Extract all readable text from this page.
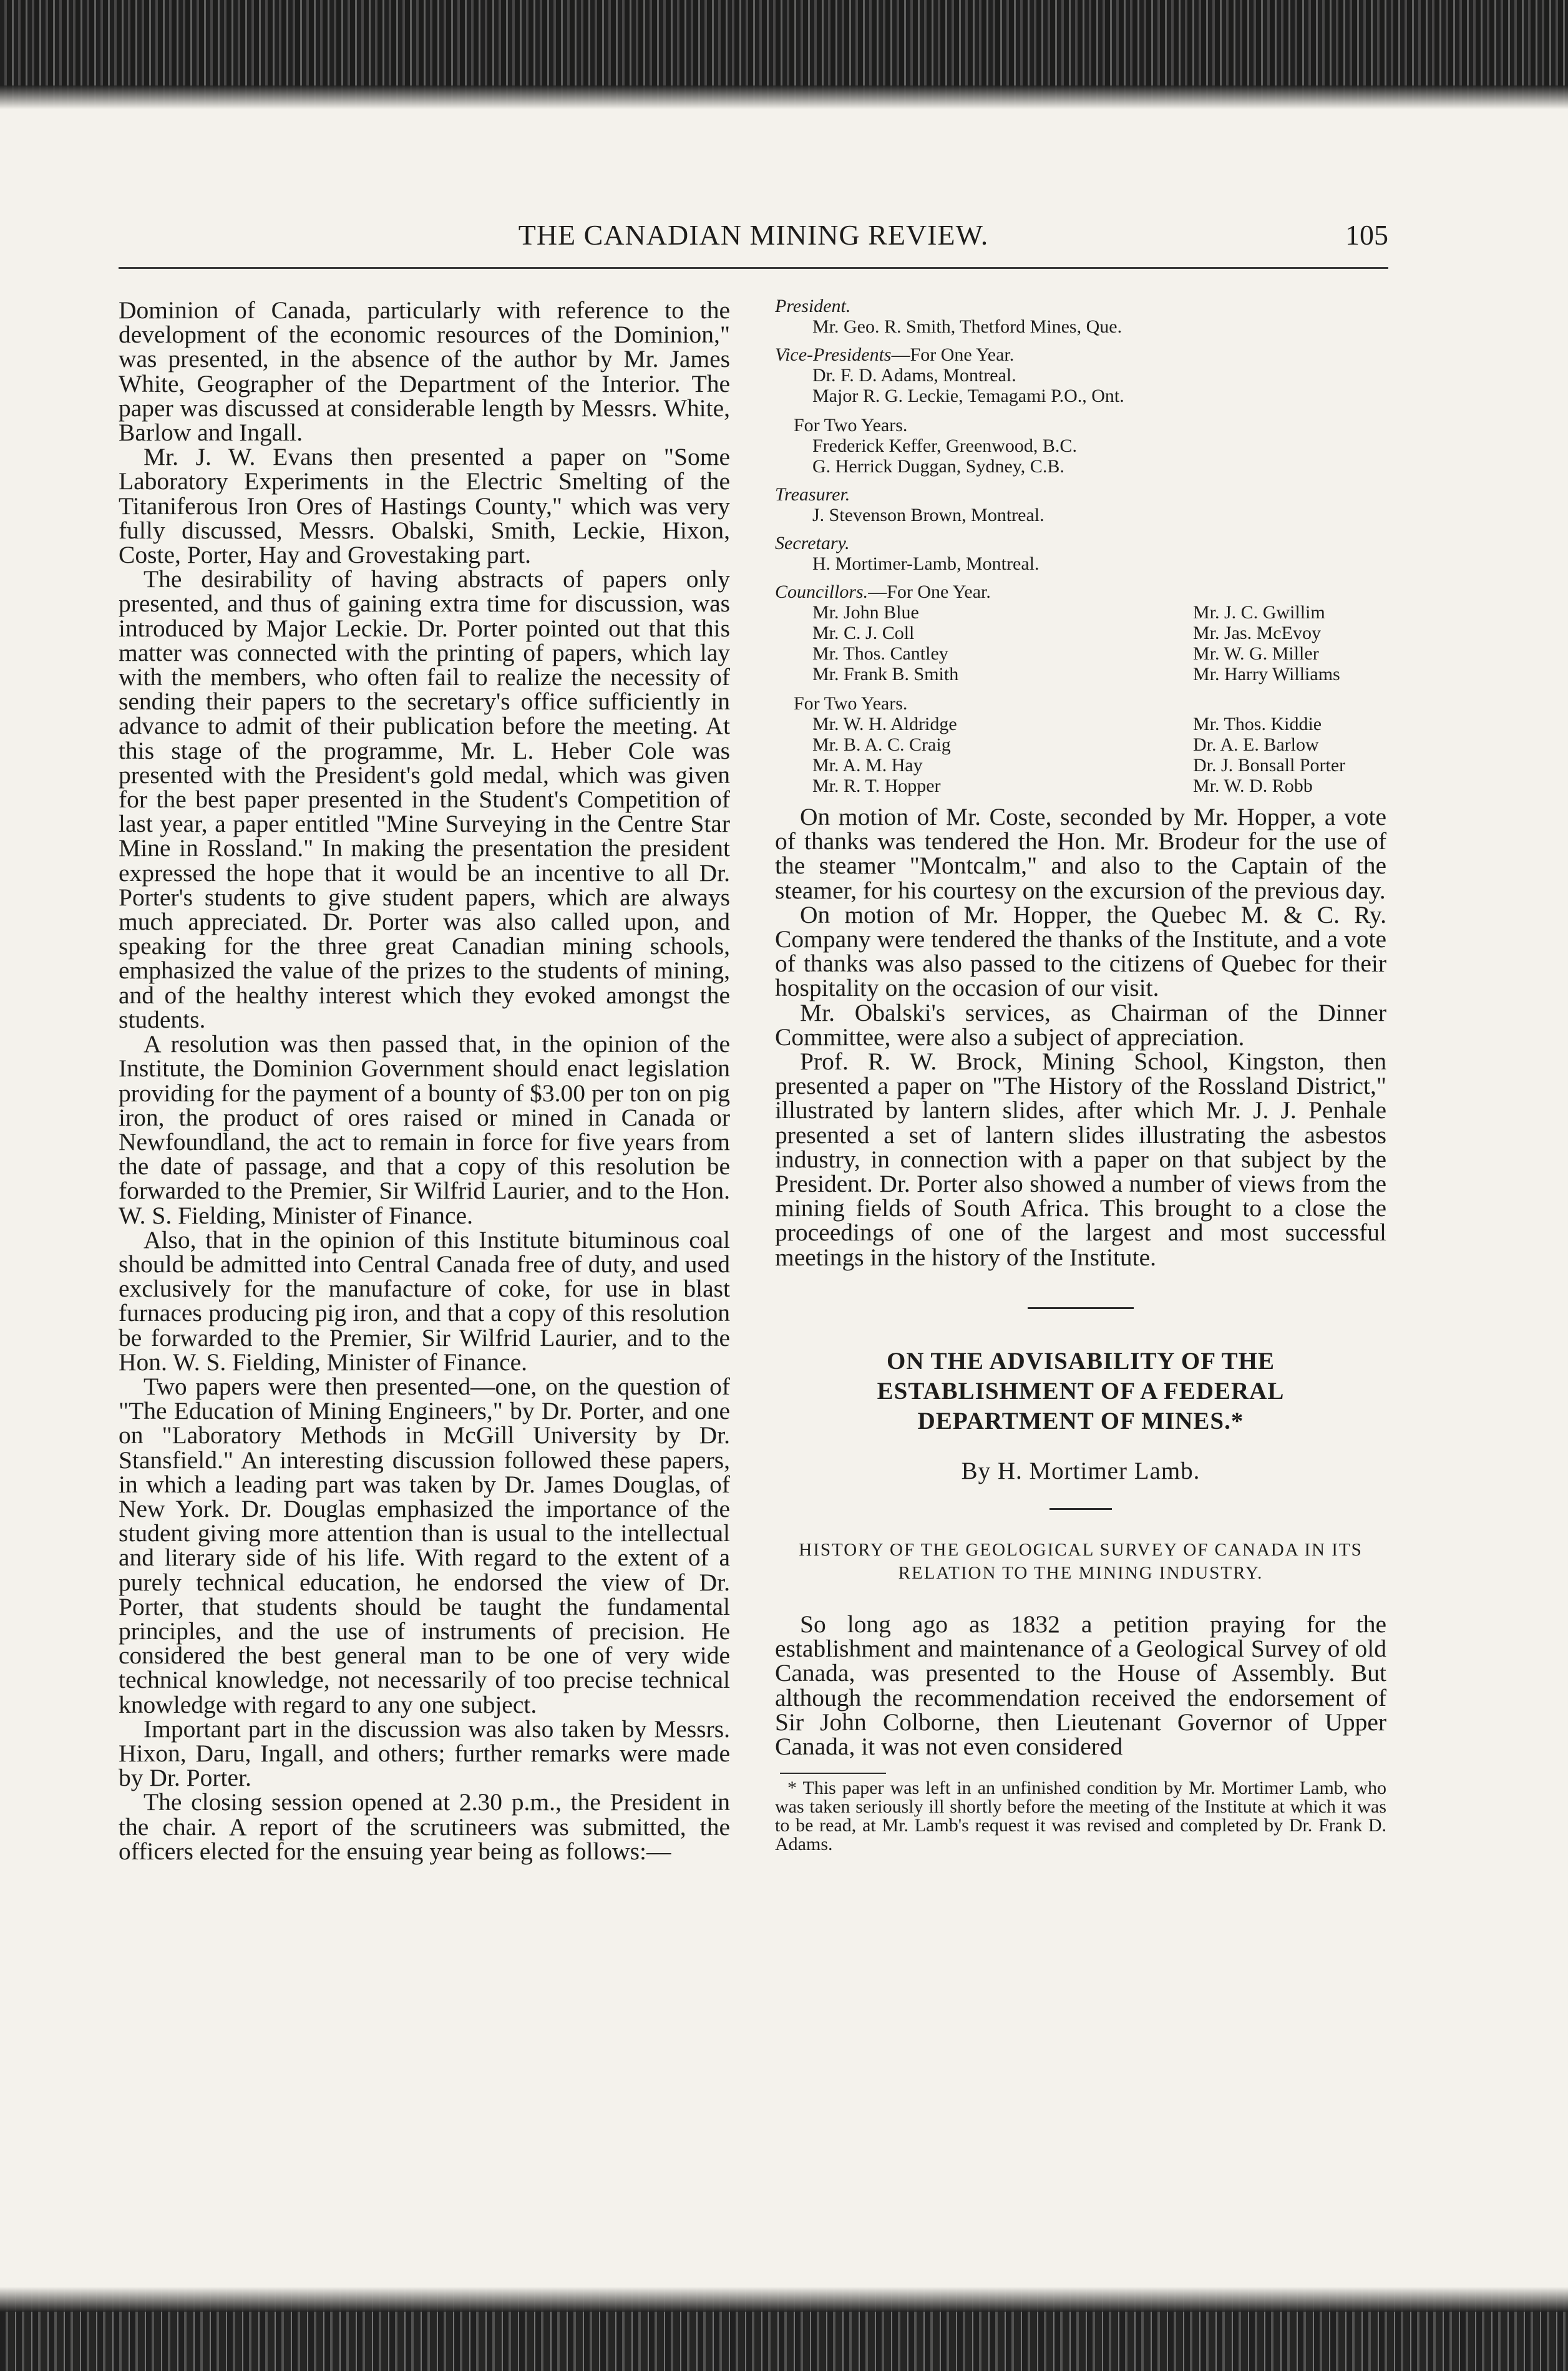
THE CANADIAN MINING REVIEW.	105

Dominion of Canada, particularly with reference to the development of the economic resources of the Dominion," was presented, in the absence of the author by Mr. James White, Geographer of the Department of the Interior. The paper was discussed at considerable length by Messrs. White, Barlow and Ingall.

Mr. J. W. Evans then presented a paper on "Some Laboratory Experiments in the Electric Smelting of the Titaniferous Iron Ores of Hastings County," which was very fully discussed, Messrs. Obalski, Smith, Leckie, Hixon, Coste, Porter, Hay and Grovestaking part.

The desirability of having abstracts of papers only presented, and thus of gaining extra time for discussion, was introduced by Major Leckie. Dr. Porter pointed out that this matter was connected with the printing of papers, which lay with the members, who often fail to realize the necessity of sending their papers to the secretary's office sufficiently in advance to admit of their publication before the meeting. At this stage of the programme, Mr. L. Heber Cole was presented with the President's gold medal, which was given for the best paper presented in the Student's Competition of last year, a paper entitled "Mine Surveying in the Centre Star Mine in Rossland." In making the presentation the president expressed the hope that it would be an incentive to all Dr. Porter's students to give student papers, which are always much appreciated. Dr. Porter was also called upon, and speaking for the three great Canadian mining schools, emphasized the value of the prizes to the students of mining, and of the healthy interest which they evoked amongst the students.

A resolution was then passed that, in the opinion of the Institute, the Dominion Government should enact legislation providing for the payment of a bounty of $3.00 per ton on pig iron, the product of ores raised or mined in Canada or Newfoundland, the act to remain in force for five years from the date of passage, and that a copy of this resolution be forwarded to the Premier, Sir Wilfrid Laurier, and to the Hon. W. S. Fielding, Minister of Finance.

Also, that in the opinion of this Institute bituminous coal should be admitted into Central Canada free of duty, and used exclusively for the manufacture of coke, for use in blast furnaces producing pig iron, and that a copy of this resolution be forwarded to the Premier, Sir Wilfrid Laurier, and to the Hon. W. S. Fielding, Minister of Finance.

Two papers were then presented—one, on the question of "The Education of Mining Engineers," by Dr. Porter, and one on "Laboratory Methods in McGill University by Dr. Stansfield." An interesting discussion followed these papers, in which a leading part was taken by Dr. James Douglas, of New York. Dr. Douglas emphasized the importance of the student giving more attention than is usual to the intellectual and literary side of his life. With regard to the extent of a purely technical education, he endorsed the view of Dr. Porter, that students should be taught the fundamental principles, and the use of instruments of precision. He considered the best general man to be one of very wide technical knowledge, not necessarily of too precise technical knowledge with regard to any one subject.

Important part in the discussion was also taken by Messrs. Hixon, Daru, Ingall, and others; further remarks were made by Dr. Porter.

The closing session opened at 2.30 p.m., the President in the chair. A report of the scrutineers was submitted, the officers elected for the ensuing year being as follows:—

President.
Mr. Geo. R. Smith, Thetford Mines, Que.
Vice-Presidents—For One Year.
Dr. F. D. Adams, Montreal.
Major R. G. Leckie, Temagami P.O., Ont.
For Two Years.
Frederick Keffer, Greenwood, B.C.
G. Herrick Duggan, Sydney, C.B.
Treasurer.
J. Stevenson Brown, Montreal.
Secretary.
H. Mortimer-Lamb, Montreal.
Councillors.—For One Year.
Mr. John Blue	Mr. J. C. Gwillim
Mr. C. J. Coll	Mr. Jas. McEvoy
Mr. Thos. Cantley	Mr. W. G. Miller
Mr. Frank B. Smith	Mr. Harry Williams
For Two Years.
Mr. W. H. Aldridge	Mr. Thos. Kiddie
Mr. B. A. C. Craig	Dr. A. E. Barlow
Mr. A. M. Hay	Dr. J. Bonsall Porter
Mr. R. T. Hopper	Mr. W. D. Robb

On motion of Mr. Coste, seconded by Mr. Hopper, a vote of thanks was tendered the Hon. Mr. Brodeur for the use of the steamer "Montcalm," and also to the Captain of the steamer, for his courtesy on the excursion of the previous day.

On motion of Mr. Hopper, the Quebec M. & C. Ry. Company were tendered the thanks of the Institute, and a vote of thanks was also passed to the citizens of Quebec for their hospitality on the occasion of our visit.

Mr. Obalski's services, as Chairman of the Dinner Committee, were also a subject of appreciation.

Prof. R. W. Brock, Mining School, Kingston, then presented a paper on "The History of the Rossland District," illustrated by lantern slides, after which Mr. J. J. Penhale presented a set of lantern slides illustrating the asbestos industry, in connection with a paper on that subject by the President. Dr. Porter also showed a number of views from the mining fields of South Africa. This brought to a close the proceedings of one of the largest and most successful meetings in the history of the Institute.

ON THE ADVISABILITY OF THE ESTABLISHMENT OF A FEDERAL DEPARTMENT OF MINES.*
By H. Mortimer Lamb.
HISTORY OF THE GEOLOGICAL SURVEY OF CANADA IN ITS RELATION TO THE MINING INDUSTRY.

So long ago as 1832 a petition praying for the establishment and maintenance of a Geological Survey of old Canada, was presented to the House of Assembly. But although the recommendation received the endorsement of Sir John Colborne, then Lieutenant Governor of Upper Canada, it was not even considered

* This paper was left in an unfinished condition by Mr. Mortimer Lamb, who was taken seriously ill shortly before the meeting of the Institute at which it was to be read, at Mr. Lamb's request it was revised and completed by Dr. Frank D. Adams.
